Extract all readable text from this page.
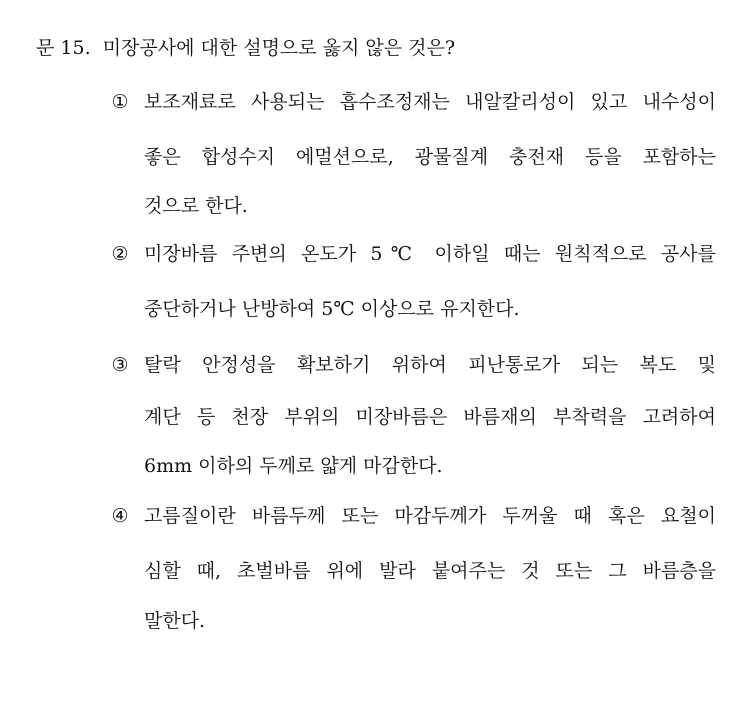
문 15. 미장공사에 대한 설명으로 옳지 않은 것은?
① 보조재료로 사용되는 흡수조정재는 내알칼리성이 있고 내수성이
좋은 합성수지 에멀션으로, 광물질계 충전재 등을 포함하는
것으로 한다.
② 미장바름 주변의 온도가 5℃ 이하일 때는 원칙적으로 공사를
중단하거나 난방하여 5℃ 이상으로 유지한다.
③ 탈락 안정성을 확보하기 위하여 피난통로가 되는 복도 및
계단 등 천장 부위의 미장바름은 바름재의 부착력을 고려하여
6mm 이하의 두께로 얇게 마감한다.
④ 고름질이란 바름두께 또는 마감두께가 두꺼울 때 혹은 요철이
심할 때, 초벌바름 위에 발라 붙여주는 것 또는 그 바름층을
말한다.
